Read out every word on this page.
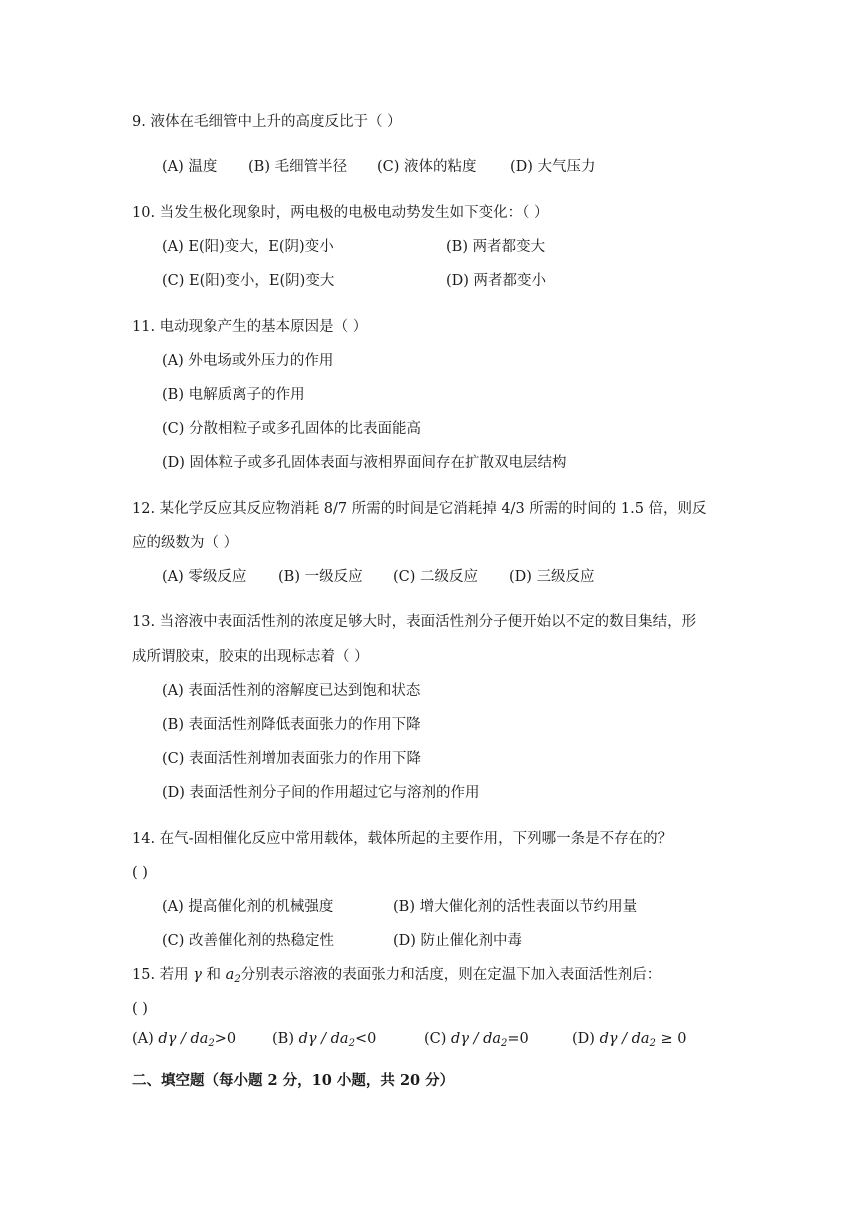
9. 液体在毛细管中上升的高度反比于（ ）
(A) 温度 (B) 毛细管半径 (C) 液体的粘度 (D) 大气压力
10. 当发生极化现象时，两电极的电极电动势发生如下变化：（ ）
(A) E(阳)变大，E(阴)变小	(B) 两者都变大
(C) E(阳)变小，E(阴)变大	(D) 两者都变小
11. 电动现象产生的基本原因是（ ）
(A) 外电场或外压力的作用
(B) 电解质离子的作用
(C) 分散相粒子或多孔固体的比表面能高
(D) 固体粒子或多孔固体表面与液相界面间存在扩散双电层结构
12. 某化学反应其反应物消耗 8/7 所需的时间是它消耗掉 4/3 所需的时间的 1.5 倍，则反
应的级数为（ ）
(A) 零级反应 (B) 一级反应 (C) 二级反应 (D) 三级反应
13. 当溶液中表面活性剂的浓度足够大时，表面活性剂分子便开始以不定的数目集结，形
成所谓胶束，胶束的出现标志着（ ）
(A) 表面活性剂的溶解度已达到饱和状态
(B) 表面活性剂降低表面张力的作用下降
(C) 表面活性剂增加表面张力的作用下降
(D) 表面活性剂分子间的作用超过它与溶剂的作用
14. 在气-固相催化反应中常用载体，载体所起的主要作用，下列哪一条是不存在的？
( )
(A) 提高催化剂的机械强度	(B) 增大催化剂的活性表面以节约用量
(C) 改善催化剂的热稳定性	(D) 防止催化剂中毒
15. 若用 γ 和 $a_2$分别表示溶液的表面张力和活度，则在定温下加入表面活性剂后：
( )
(A) $d\gamma / da_2>0$ (B) $d\gamma / da_2<0$	(C) $d\gamma / da_2=0$	(D) $d\gamma / da_2 \ge 0$
二、填空题（每小题 2 分，10 小题，共 20 分）
